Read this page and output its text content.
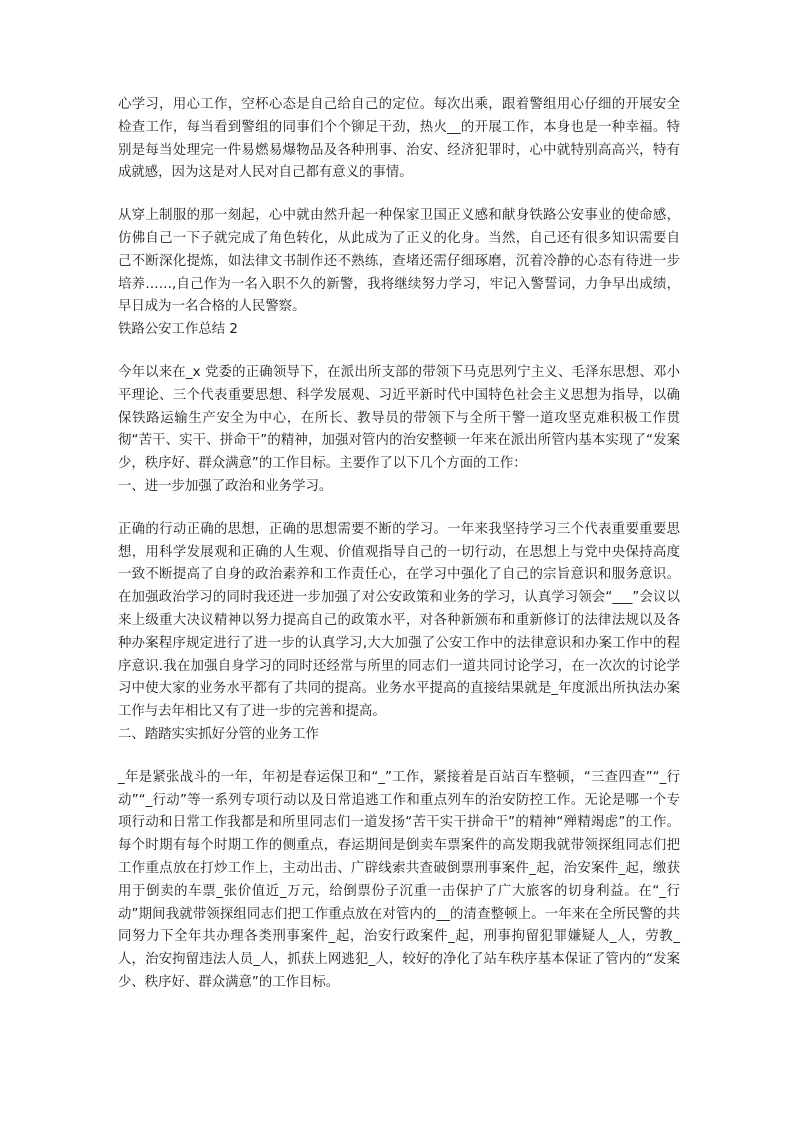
心学习，用心工作，空杯心态是自己给自己的定位。每次出乘，跟着警组用心仔细的开展安全检查工作，每当看到警组的同事们个个铆足干劲，热火__的开展工作，本身也是一种幸福。特别是每当处理完一件易燃易爆物品及各种刑事、治安、经济犯罪时，心中就特别高高兴，特有成就感，因为这是对人民对自己都有意义的事情。

从穿上制服的那一刻起，心中就由然升起一种保家卫国正义感和献身铁路公安事业的使命感，仿佛自己一下子就完成了角色转化，从此成为了正义的化身。当然，自己还有很多知识需要自己不断深化提炼，如法律文书制作还不熟练，查堵还需仔细琢磨，沉着冷静的心态有待进一步培养……,自己作为一名入职不久的新警，我将继续努力学习，牢记入警誓词，力争早出成绩，早日成为一名合格的人民警察。

铁路公安工作总结 2

今年以来在_x 党委的正确领导下，在派出所支部的带领下马克思列宁主义、毛泽东思想、邓小平理论、三个代表重要思想、科学发展观、习近平新时代中国特色社会主义思想为指导，以确保铁路运输生产安全为中心，在所长、教导员的带领下与全所干警一道攻坚克难积极工作贯彻“苦干、实干、拼命干”的精神，加强对管内的治安整顿一年来在派出所管内基本实现了“发案少，秩序好、群众满意”的工作目标。主要作了以下几个方面的工作：

一、进一步加强了政治和业务学习。

正确的行动正确的思想，正确的思想需要不断的学习。一年来我坚持学习三个代表重要重要思想，用科学发展观和正确的人生观、价值观指导自己的一切行动，在思想上与党中央保持高度一致不断提高了自身的政治素养和工作责任心，在学习中强化了自己的宗旨意识和服务意识。在加强政治学习的同时我还进一步加强了对公安政策和业务的学习，认真学习领会“___”会议以来上级重大决议精神以努力提高自己的政策水平，对各种新颁布和重新修订的法律法规以及各种办案程序规定进行了进一步的认真学习,大大加强了公安工作中的法律意识和办案工作中的程序意识.我在加强自身学习的同时还经常与所里的同志们一道共同讨论学习，在一次次的讨论学习中使大家的业务水平都有了共同的提高。业务水平提高的直接结果就是_年度派出所执法办案工作与去年相比又有了进一步的完善和提高。

二、踏踏实实抓好分管的业务工作

_年是紧张战斗的一年，年初是春运保卫和“_”工作，紧接着是百站百车整顿，“三查四查”“_行动”“_行动”等一系列专项行动以及日常追逃工作和重点列车的治安防控工作。无论是哪一个专项行动和日常工作我都是和所里同志们一道发扬“苦干实干拼命干”的精神“殚精竭虑”的工作。每个时期有每个时期工作的侧重点，春运期间是倒卖车票案件的高发期我就带领探组同志们把工作重点放在打炒工作上，主动出击、广辟线索共查破倒票刑事案件_起，治安案件_起，缴获用于倒卖的车票_张价值近_万元，给倒票份子沉重一击保护了广大旅客的切身利益。在“_行动”期间我就带领探组同志们把工作重点放在对管内的__的清查整顿上。一年来在全所民警的共同努力下全年共办理各类刑事案件_起，治安行政案件_起，刑事拘留犯罪嫌疑人_人，劳教_人，治安拘留违法人员_人，抓获上网逃犯_人，较好的净化了站车秩序基本保证了管内的“发案少、秩序好、群众满意”的工作目标。
